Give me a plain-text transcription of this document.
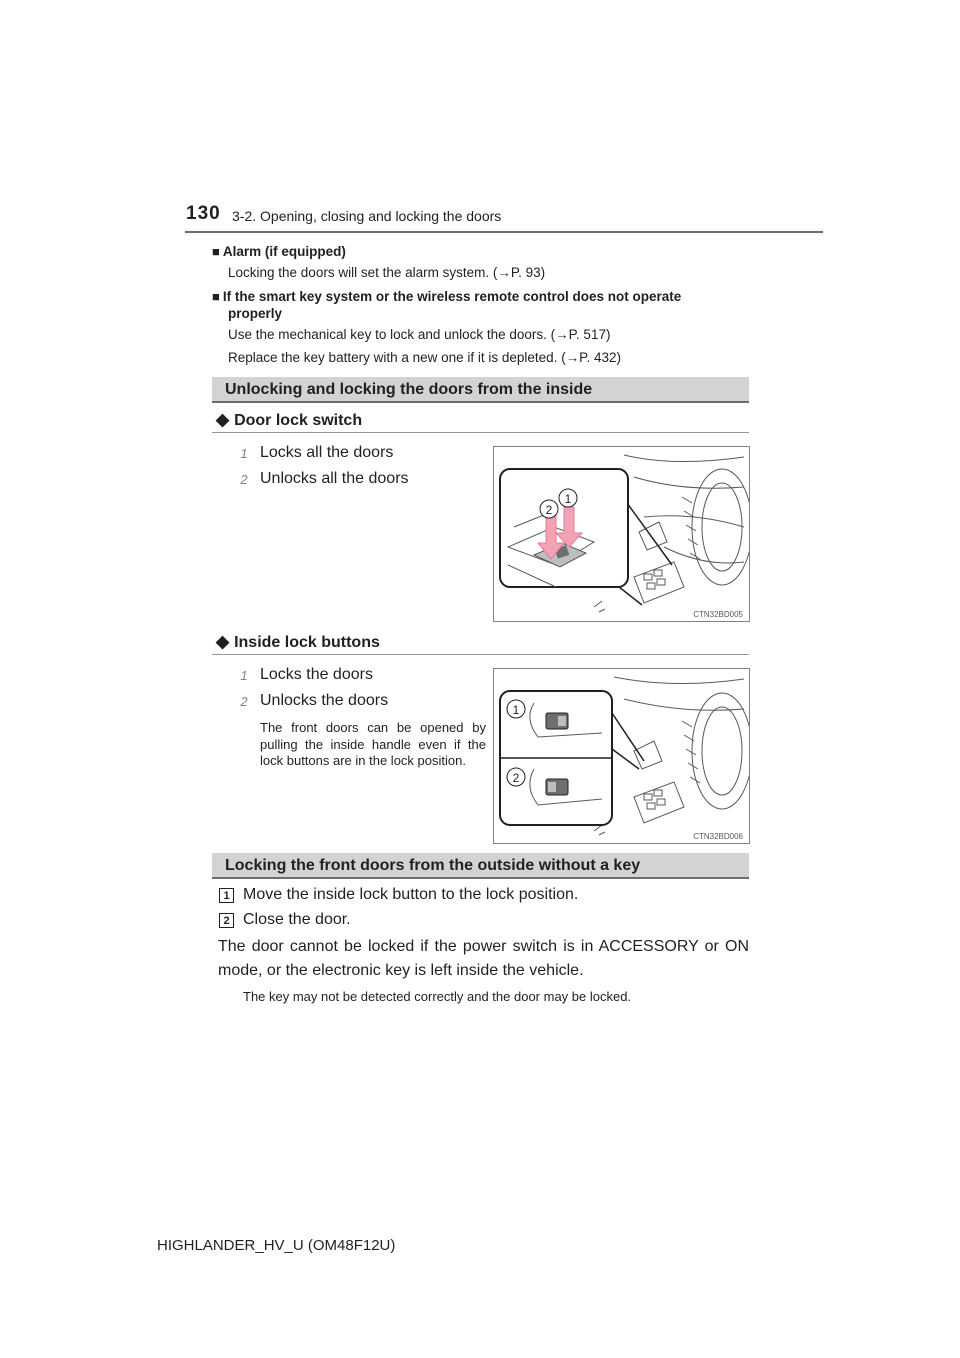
130 3-2. Opening, closing and locking the doors
■ Alarm (if equipped)
Locking the doors will set the alarm system. (→P. 93)
■ If the smart key system or the wireless remote control does not operate
properly
Use the mechanical key to lock and unlock the doors. (→P. 517)
Replace the key battery with a new one if it is depleted. (→P. 432)
Unlocking and locking the doors from the inside
◆ Door lock switch
1 Locks all the doors
2 Unlocks all the doors
2
1
CTN32BD005
◆ Inside lock buttons
1 Locks the doors
2 Unlocks the doors
The front doors can be opened by pulling the inside handle even if the lock buttons are in the lock position.
1
2
CTN32BD006
Locking the front doors from the outside without a key
1 Move the inside lock button to the lock position.
2 Close the door.
The door cannot be locked if the power switch is in ACCESSORY or ON mode, or the electronic key is left inside the vehicle.
The key may not be detected correctly and the door may be locked.
HIGHLANDER_HV_U (OM48F12U)
